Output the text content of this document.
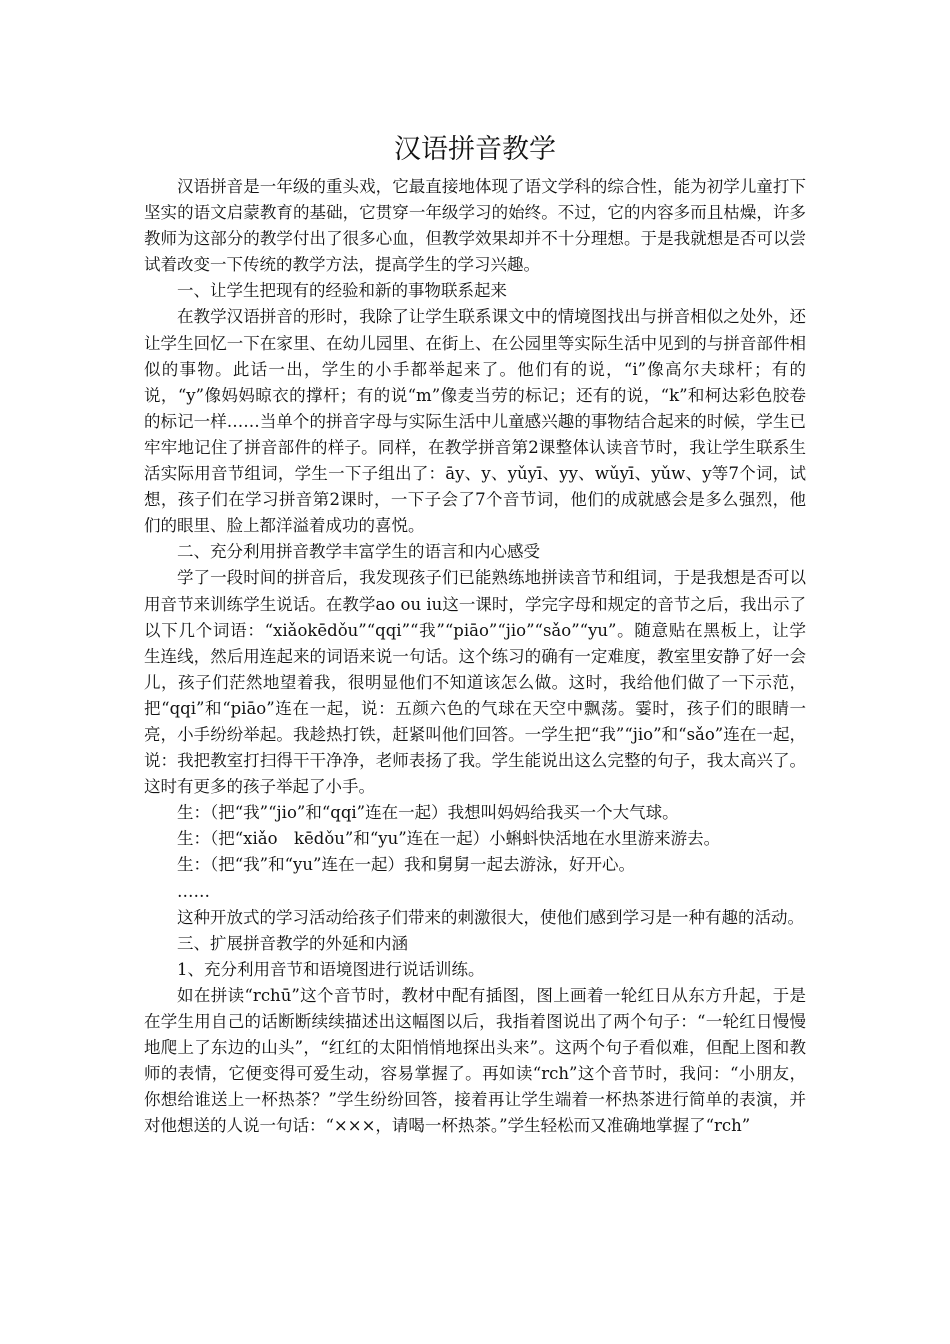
汉语拼音教学

汉语拼音是一年级的重头戏，它最直接地体现了语文学科的综合性，能为初学儿童打下坚实的语文启蒙教育的基础，它贯穿一年级学习的始终。不过，它的内容多而且枯燥，许多教师为这部分的教学付出了很多心血，但教学效果却并不十分理想。于是我就想是否可以尝试着改变一下传统的教学方法，提高学生的学习兴趣。

一、让学生把现有的经验和新的事物联系起来

在教学汉语拼音的形时，我除了让学生联系课文中的情境图找出与拼音相似之处外，还让学生回忆一下在家里、在幼儿园里、在街上、在公园里等实际生活中见到的与拼音部件相似的事物。此话一出，学生的小手都举起来了。他们有的说，“i”像高尔夫球杆；有的说，“y”像妈妈晾衣的撑杆；有的说“m”像麦当劳的标记；还有的说，“k”和柯达彩色胶卷的标记一样……当单个的拼音字母与实际生活中儿童感兴趣的事物结合起来的时候，学生已牢牢地记住了拼音部件的样子。同样，在教学拼音第2课整体认读音节时，我让学生联系生活实际用音节组词，学生一下子组出了：āy、y、yǔyī、yy、wǔyī、yǔw、y等7个词，试想，孩子们在学习拼音第2课时，一下子会了7个音节词，他们的成就感会是多么强烈，他们的眼里、脸上都洋溢着成功的喜悦。

二、充分利用拼音教学丰富学生的语言和内心感受

学了一段时间的拼音后，我发现孩子们已能熟练地拼读音节和组词，于是我想是否可以用音节来训练学生说话。在教学ao ou iu这一课时，学完字母和规定的音节之后，我出示了以下几个词语：“xiǎokēdǒu”“qqi”“我”“piāo”“jio”“sǎo”“yu”。随意贴在黑板上，让学生连线，然后用连起来的词语来说一句话。这个练习的确有一定难度，教室里安静了好一会儿，孩子们茫然地望着我，很明显他们不知道该怎么做。这时，我给他们做了一下示范，把“qqi”和“piāo”连在一起，说：五颜六色的气球在天空中飘荡。霎时，孩子们的眼睛一亮，小手纷纷举起。我趁热打铁，赶紧叫他们回答。一学生把“我”“jio”和“sǎo”连在一起，说：我把教室打扫得干干净净，老师表扬了我。学生能说出这么完整的句子，我太高兴了。这时有更多的孩子举起了小手。

生：（把“我”“jio”和“qqi”连在一起）我想叫妈妈给我买一个大气球。

生：（把“xiǎo　kēdǒu”和“yu”连在一起）小蝌蚪快活地在水里游来游去。

生：（把“我”和“yu”连在一起）我和舅舅一起去游泳，好开心。

……

这种开放式的学习活动给孩子们带来的刺激很大，使他们感到学习是一种有趣的活动。

三、扩展拼音教学的外延和内涵

1、充分利用音节和语境图进行说话训练。

如在拼读“rchū”这个音节时，教材中配有插图，图上画着一轮红日从东方升起，于是在学生用自己的话断断续续描述出这幅图以后，我指着图说出了两个句子：“一轮红日慢慢地爬上了东边的山头”，“红红的太阳悄悄地探出头来”。这两个句子看似难，但配上图和教师的表情，它便变得可爱生动，容易掌握了。再如读“rch”这个音节时，我问：“小朋友，你想给谁送上一杯热茶？”学生纷纷回答，接着再让学生端着一杯热茶进行简单的表演，并对他想送的人说一句话：“×××，请喝一杯热茶。”学生轻松而又准确地掌握了“rch”
